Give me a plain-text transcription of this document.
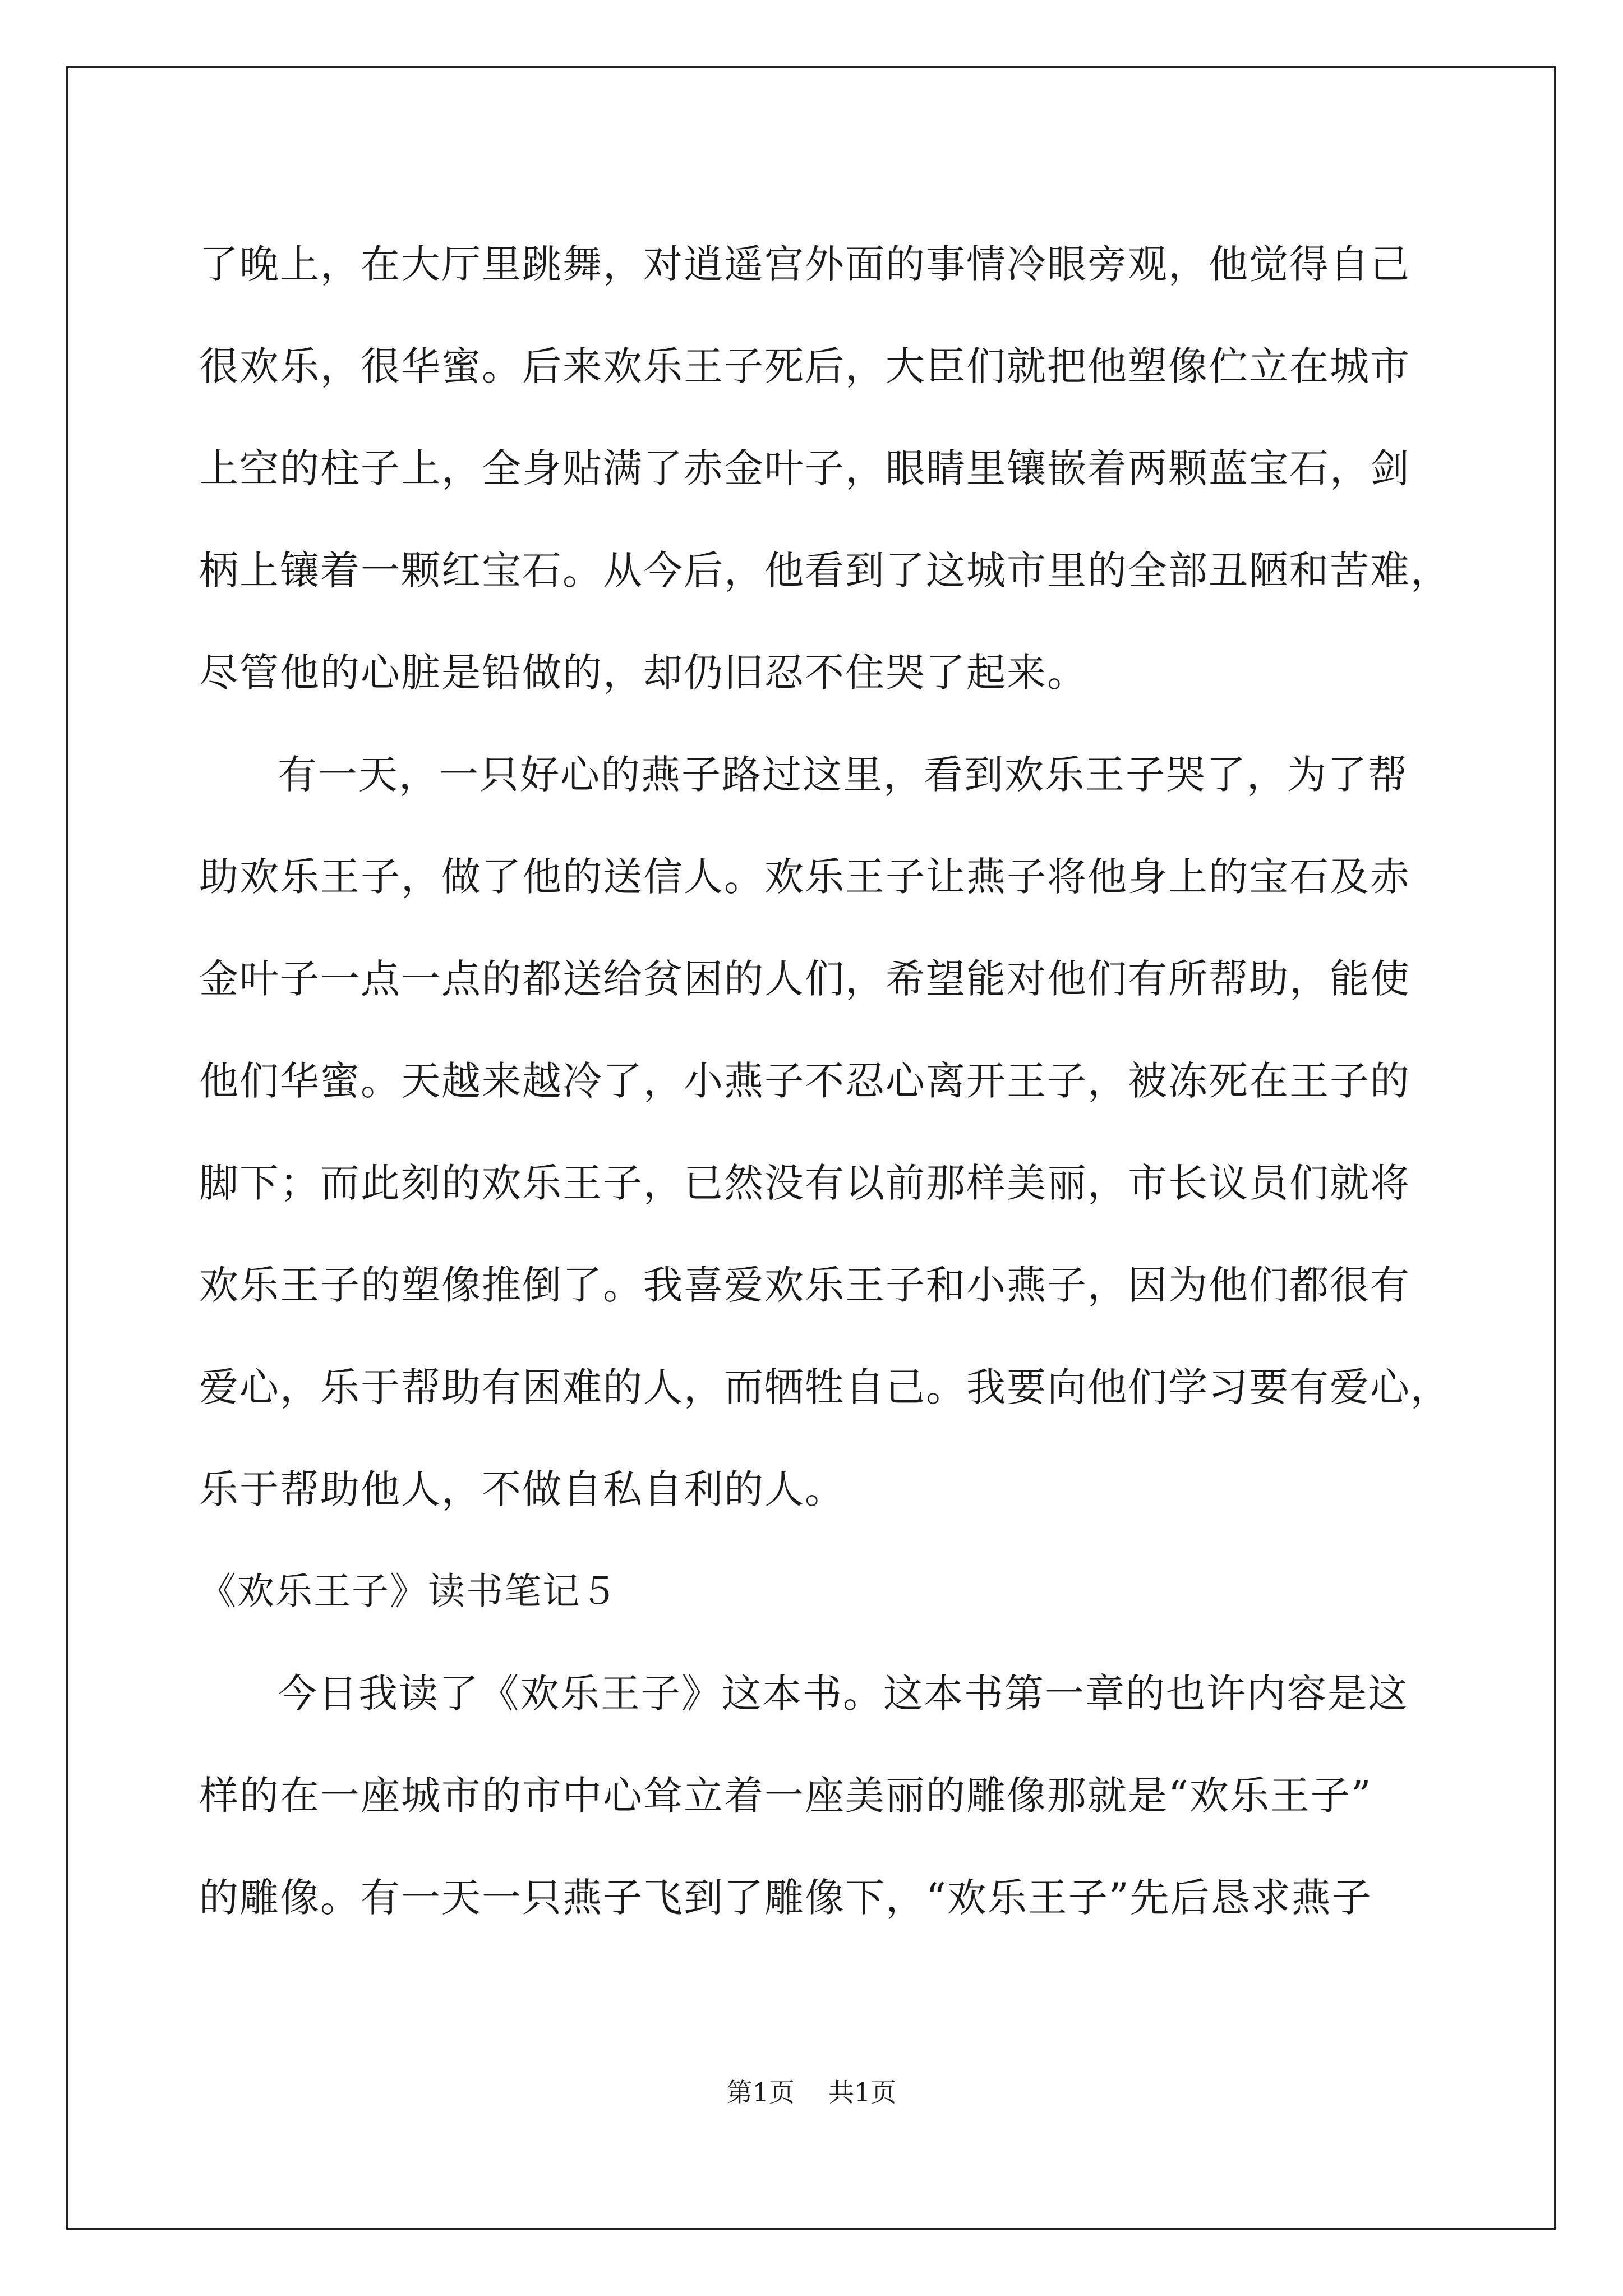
了晚上，在大厅里跳舞，对逍遥宫外面的事情冷眼旁观，他觉得自己
很欢乐，很华蜜。后来欢乐王子死后，大臣们就把他塑像伫立在城市
上空的柱子上，全身贴满了赤金叶子，眼睛里镶嵌着两颗蓝宝石，剑
柄上镶着一颗红宝石。从今后，他看到了这城市里的全部丑陋和苦难，
尽管他的心脏是铅做的，却仍旧忍不住哭了起来。
有一天，一只好心的燕子路过这里，看到欢乐王子哭了，为了帮
助欢乐王子，做了他的送信人。欢乐王子让燕子将他身上的宝石及赤
金叶子一点一点的都送给贫困的人们，希望能对他们有所帮助，能使
他们华蜜。天越来越冷了，小燕子不忍心离开王子，被冻死在王子的
脚下；而此刻的欢乐王子，已然没有以前那样美丽，市长议员们就将
欢乐王子的塑像推倒了。我喜爱欢乐王子和小燕子，因为他们都很有
爱心，乐于帮助有困难的人，而牺牲自己。我要向他们学习要有爱心，
乐于帮助他人，不做自私自利的人。
《欢乐王子》读书笔记５
今日我读了《欢乐王子》这本书。这本书第一章的也许内容是这
样的在一座城市的市中心耸立着一座美丽的雕像那就是“欢乐王子”
的雕像。有一天一只燕子飞到了雕像下，“欢乐王子”先后恳求燕子
第1页 共1页
